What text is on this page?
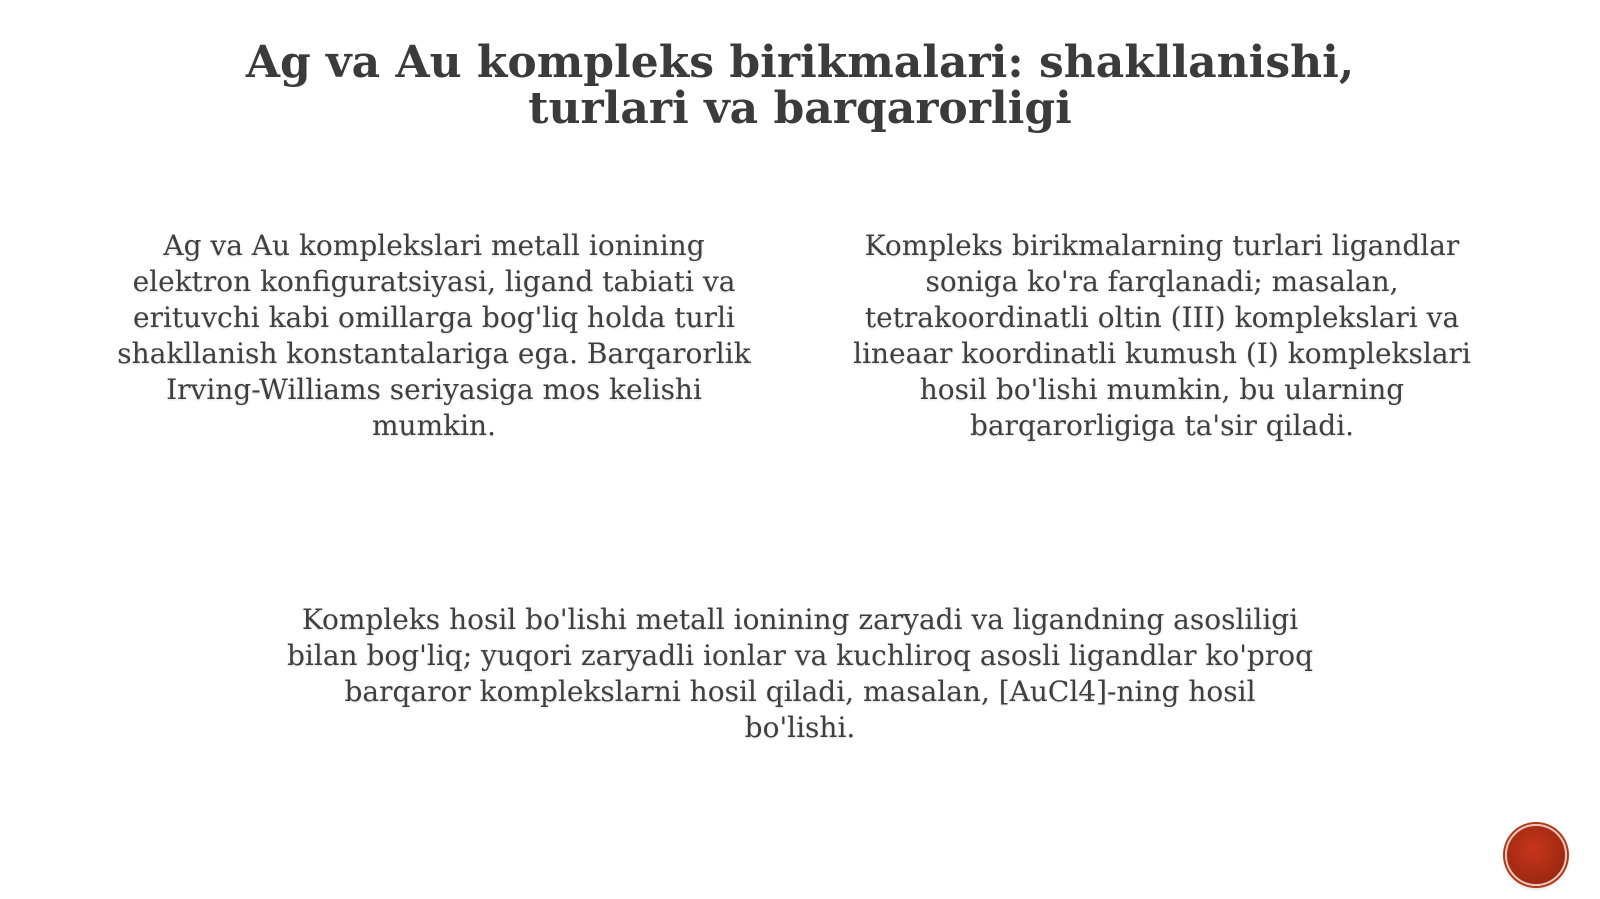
Ag va Au kompleks birikmalari: shakllanishi, turlari va barqarorligi

Ag va Au komplekslari metall ionining elektron konfiguratsiyasi, ligand tabiati va erituvchi kabi omillarga bog'liq holda turli shakllanish konstantalariga ega. Barqarorlik Irving-Williams seriyasiga mos kelishi mumkin.

Kompleks birikmalarning turlari ligandlar soniga ko'ra farqlanadi; masalan, tetrakoordinatli oltin (III) komplekslari va lineaar koordinatli kumush (I) komplekslari hosil bo'lishi mumkin, bu ularning barqarorligiga ta'sir qiladi.

Kompleks hosil bo'lishi metall ionining zaryadi va ligandning asosliligi bilan bog'liq; yuqori zaryadli ionlar va kuchliroq asosli ligandlar ko'proq barqaror komplekslarni hosil qiladi, masalan, [AuCl4]-ning hosil bo'lishi.
